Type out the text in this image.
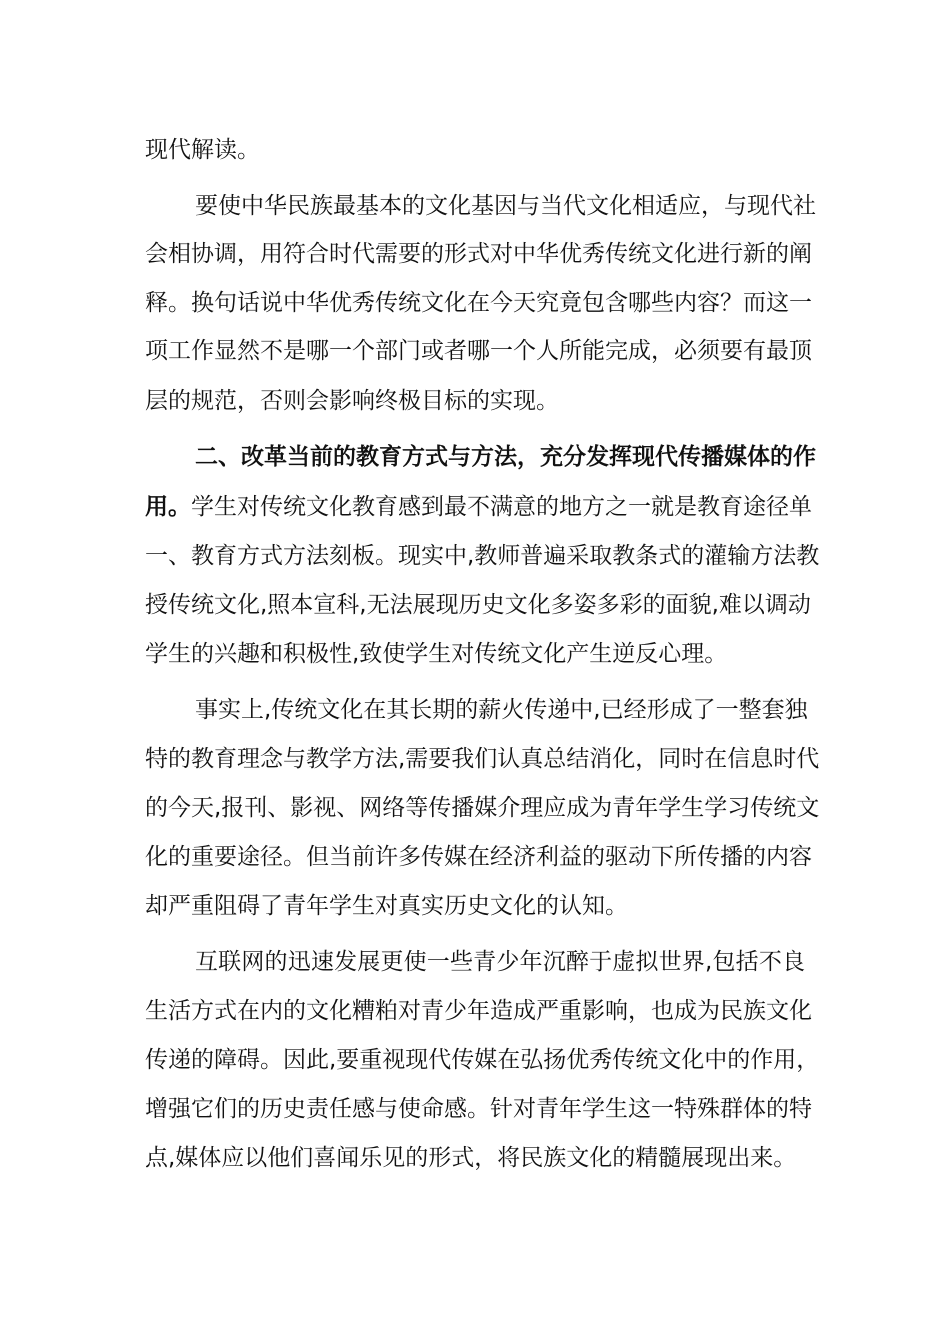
现代解读。
要使中华民族最基本的文化基因与当代文化相适应，与现代社
会相协调，用符合时代需要的形式对中华优秀传统文化进行新的阐
释。换句话说中华优秀传统文化在今天究竟包含哪些内容？而这一
项工作显然不是哪一个部门或者哪一个人所能完成，必须要有最顶
层的规范，否则会影响终极目标的实现。
二、改革当前的教育方式与方法，充分发挥现代传播媒体的作
用。学生对传统文化教育感到最不满意的地方之一就是教育途径单
一、教育方式方法刻板。现实中,教师普遍采取教条式的灌输方法教
授传统文化,照本宣科,无法展现历史文化多姿多彩的面貌,难以调动
学生的兴趣和积极性,致使学生对传统文化产生逆反心理。
事实上,传统文化在其长期的薪火传递中,已经形成了一整套独
特的教育理念与教学方法,需要我们认真总结消化，同时在信息时代
的今天,报刊、影视、网络等传播媒介理应成为青年学生学习传统文
化的重要途径。但当前许多传媒在经济利益的驱动下所传播的内容
却严重阻碍了青年学生对真实历史文化的认知。
互联网的迅速发展更使一些青少年沉醉于虚拟世界,包括不良
生活方式在内的文化糟粕对青少年造成严重影响，也成为民族文化
传递的障碍。因此,要重视现代传媒在弘扬优秀传统文化中的作用，
增强它们的历史责任感与使命感。针对青年学生这一特殊群体的特
点,媒体应以他们喜闻乐见的形式，将民族文化的精髓展现出来。
